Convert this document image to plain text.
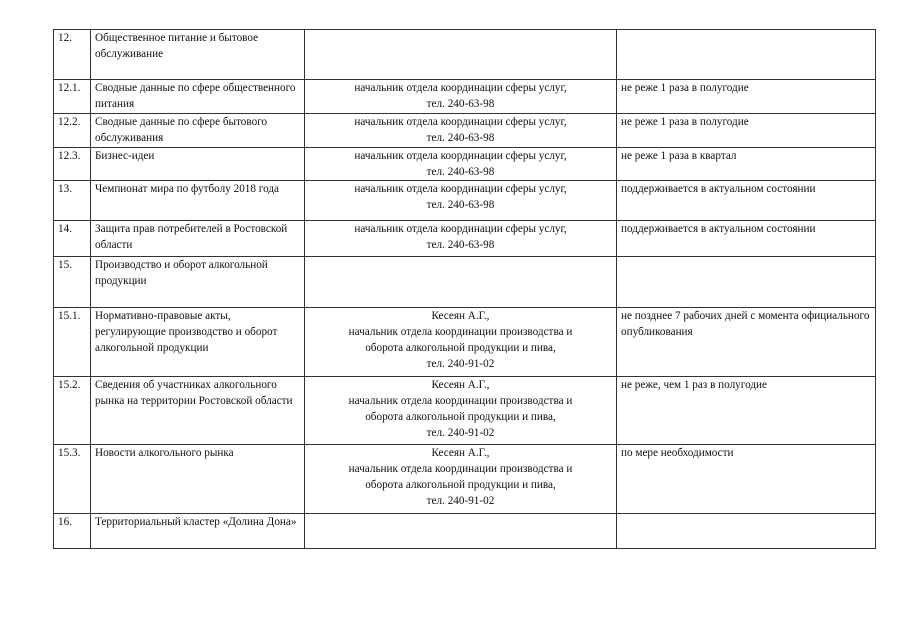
12.	Общественное питание и бытовое обслуживание		
12.1.	Сводные данные по сфере общественного питания	начальник отдела координации сферы услуг,
тел. 240-63-98	не реже 1 раза в полугодие
12.2.	Сводные данные по сфере бытового обслуживания	начальник отдела координации сферы услуг,
тел. 240-63-98	не реже 1 раза в полугодие
12.3.	Бизнес-идеи	начальник отдела координации сферы услуг,
тел. 240-63-98	не реже 1 раза в квартал
13.	Чемпионат мира по футболу 2018 года	начальник отдела координации сферы услуг,
тел. 240-63-98	поддерживается в актуальном состоянии
14.	Защита прав потребителей в Ростовской области	начальник отдела координации сферы услуг,
тел. 240-63-98	поддерживается в актуальном состоянии
15.	Производство и оборот алкогольной продукции		
15.1.	Нормативно-правовые акты, регулирующие производство и оборот алкогольной продукции	Кесеян А.Г.,
начальник отдела координации производства и
оборота алкогольной продукции и пива,
тел. 240-91-02	не позднее 7 рабочих дней с момента официального опубликования
15.2.	Сведения об участниках алкогольного рынка на территории Ростовской области	Кесеян А.Г.,
начальник отдела координации производства и
оборота алкогольной продукции и пива,
тел. 240-91-02	не реже, чем 1 раз в полугодие
15.3.	Новости алкогольного рынка	Кесеян А.Г.,
начальник отдела координации производства и
оборота алкогольной продукции и пива,
тел. 240-91-02	по мере необходимости
16.	Территориальный кластер «Долина Дона»		
